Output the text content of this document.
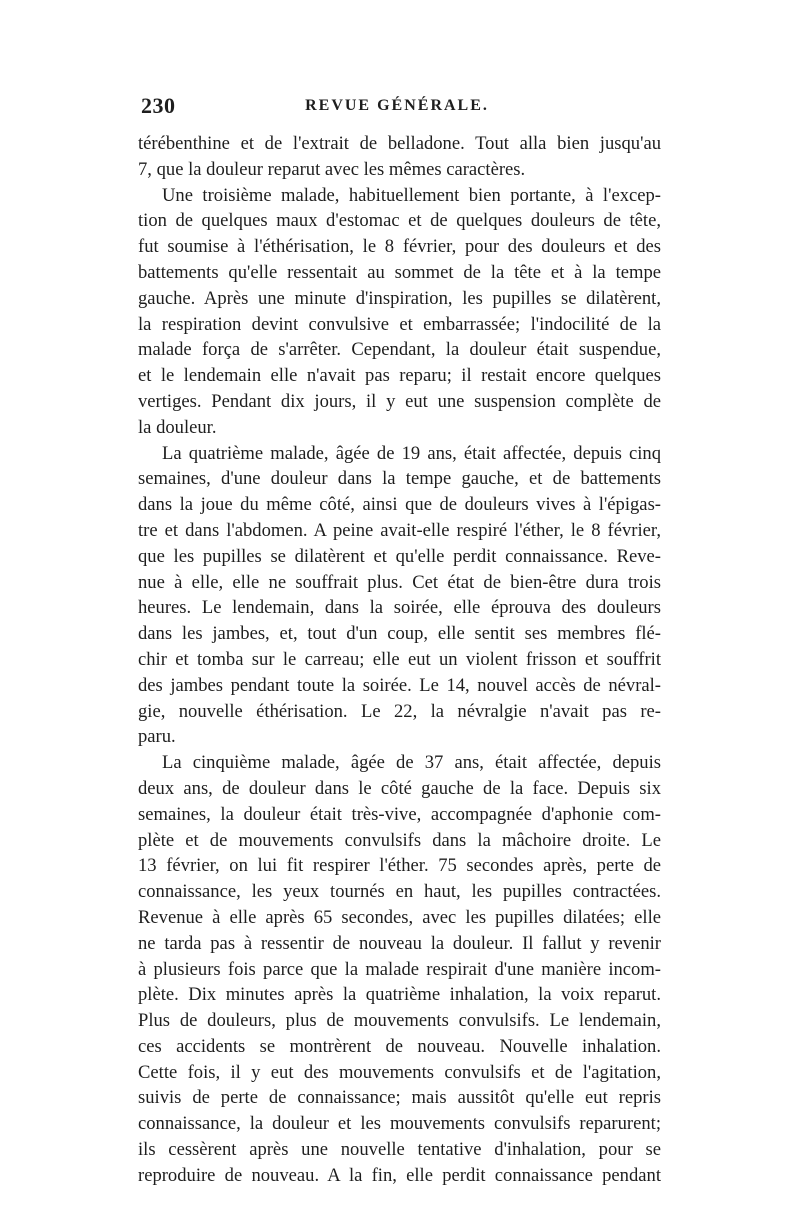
230	REVUE GÉNÉRALE.
térébenthine et de l'extrait de belladone. Tout alla bien jusqu'au
7, que la douleur reparut avec les mêmes caractères.
Une troisième malade, habituellement bien portante, à l'excep-
tion de quelques maux d'estomac et de quelques douleurs de tête,
fut soumise à l'éthérisation, le 8 février, pour des douleurs et des
battements qu'elle ressentait au sommet de la tête et à la tempe
gauche. Après une minute d'inspiration, les pupilles se dilatèrent,
la respiration devint convulsive et embarrassée; l'indocilité de la
malade força de s'arrêter. Cependant, la douleur était suspendue,
et le lendemain elle n'avait pas reparu; il restait encore quelques
vertiges. Pendant dix jours, il y eut une suspension complète de
la douleur.
La quatrième malade, âgée de 19 ans, était affectée, depuis cinq
semaines, d'une douleur dans la tempe gauche, et de battements
dans la joue du même côté, ainsi que de douleurs vives à l'épigas-
tre et dans l'abdomen. A peine avait-elle respiré l'éther, le 8 février,
que les pupilles se dilatèrent et qu'elle perdit connaissance. Reve-
nue à elle, elle ne souffrait plus. Cet état de bien-être dura trois
heures. Le lendemain, dans la soirée, elle éprouva des douleurs
dans les jambes, et, tout d'un coup, elle sentit ses membres flé-
chir et tomba sur le carreau; elle eut un violent frisson et souffrit
des jambes pendant toute la soirée. Le 14, nouvel accès de névral-
gie, nouvelle éthérisation. Le 22, la névralgie n'avait pas re-
paru.
La cinquième malade, âgée de 37 ans, était affectée, depuis
deux ans, de douleur dans le côté gauche de la face. Depuis six
semaines, la douleur était très-vive, accompagnée d'aphonie com-
plète et de mouvements convulsifs dans la mâchoire droite. Le
13 février, on lui fit respirer l'éther. 75 secondes après, perte de
connaissance, les yeux tournés en haut, les pupilles contractées.
Revenue à elle après 65 secondes, avec les pupilles dilatées; elle
ne tarda pas à ressentir de nouveau la douleur. Il fallut y revenir
à plusieurs fois parce que la malade respirait d'une manière incom-
plète. Dix minutes après la quatrième inhalation, la voix reparut.
Plus de douleurs, plus de mouvements convulsifs. Le lendemain,
ces accidents se montrèrent de nouveau. Nouvelle inhalation.
Cette fois, il y eut des mouvements convulsifs et de l'agitation,
suivis de perte de connaissance; mais aussitôt qu'elle eut repris
connaissance, la douleur et les mouvements convulsifs reparurent;
ils cessèrent après une nouvelle tentative d'inhalation, pour se
reproduire de nouveau. A la fin, elle perdit connaissance pendant
